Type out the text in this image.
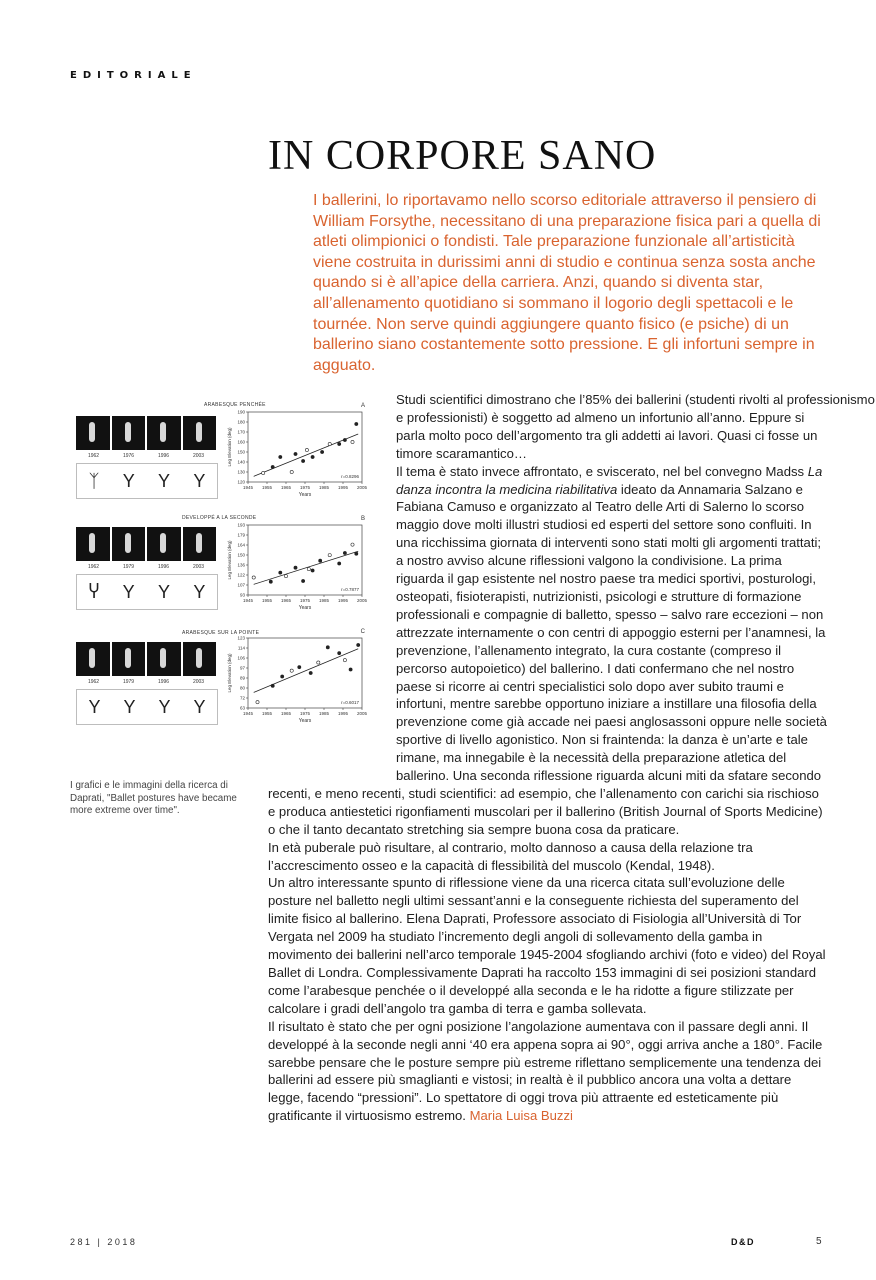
EDITORIALE
IN CORPORE SANO

I ballerini, lo riportavamo nello scorso editoriale attraverso il pensiero di William Forsythe, necessitano di una preparazione fisica pari a quella di atleti olimpionici o fondisti. Tale preparazione funzionale all’artisticità viene costruita in durissimi anni di studio e continua senza sosta anche quando si è all’apice della carriera. Anzi, quando si diventa star, all’allenamento quotidiano si sommano il logorio degli spettacoli e le tournée. Non serve quindi aggiungere quanto fisico (e psiche) di un ballerino siano costantemente sotto pressione. E gli infortuni sempre in agguato.

ARABESQUE PENCHÉE
1962	1976	1996	2003
ᛉ Y Y Y
A
120
130
140
150
160
170
180
190
1945 1955 1965 1975 1985 1995 2005
Years
Leg Elevation (deg)
r=0.8296
DEVELOPPÉ A LA SECONDE
1962	1979	1996	2003
Ⴤ Y Y Y
B
93
107
122
136
150
164
179
193
1945 1955 1965 1975 1985 1995 2005
Years
Leg Elevation (deg)
r=0.7877
ARABESQUE SUR LA POINTE
1962	1979	1996	2003
Y Y Y Y
C
63
72
80
89
97
106
114
123
1945 1955 1965 1975 1985 1995 2005
Years
Leg Elevation (deg)
r=0.6017

I grafici e le immagini della ricerca di Daprati, "Ballet postures have became more extreme over time".

Studi scientifici dimostrano che l’85% dei ballerini (studenti rivolti al professionismo e professionisti) è soggetto ad almeno un infortunio all’anno. Eppure si parla molto poco dell’argomento tra gli addetti ai lavori. Quasi ci fosse un timore scaramantico…
Il tema è stato invece affrontato, e sviscerato, nel bel convegno Madss La danza incontra la medicina riabilitativa ideato da Annamaria Salzano e Fabiana Camuso e organizzato al Teatro delle Arti di Salerno lo scorso maggio dove molti illustri studiosi ed esperti del settore sono confluiti. In una ricchissima giornata di interventi sono stati molti gli argomenti trattati; a nostro avviso alcune riflessioni valgono la condivisione. La prima riguarda il gap esistente nel nostro paese tra medici sportivi, posturologi, osteopati, fisioterapisti, nutrizionisti, psicologi e strutture di formazione professionali e compagnie di balletto, spesso – salvo rare eccezioni – non attrezzate internamente o con centri di appoggio esterni per l’anamnesi, la prevenzione, l’allenamento integrato, la cura costante (compreso il percorso autopoietico) del ballerino. I dati confermano che nel nostro paese si ricorre ai centri specialistici solo dopo aver subito traumi e infortuni, mentre sarebbe opportuno iniziare a instillare una filosofia della prevenzione come già accade nei paesi anglosassoni oppure nelle società sportive di livello agonistico. Non si fraintenda: la danza è un’arte e tale rimane, ma innegabile è la necessità della preparazione atletica del ballerino. Una seconda riflessione riguarda alcuni miti da sfatare secondo recenti, e meno recenti, studi scientifici: ad esempio, che l’allenamento con carichi sia rischioso e produca antiestetici rigonfiamenti muscolari per il ballerino (British Journal of Sports Medicine) o che il tanto decantato stretching sia sempre buona cosa da praticare.
In età puberale può risultare, al contrario, molto dannoso a causa della relazione tra l’accrescimento osseo e la capacità di flessibilità del muscolo (Kendal, 1948).
Un altro interessante spunto di riflessione viene da una ricerca citata sull’evoluzione delle posture nel balletto negli ultimi sessant’anni e la conseguente richiesta del superamento del limite fisico al ballerino. Elena Daprati, Professore associato di Fisiologia all’Università di Tor Vergata nel 2009 ha studiato l’incremento degli angoli di sollevamento della gamba in movimento dei ballerini nell’arco temporale 1945-2004 sfogliando archivi (foto e video) del Royal Ballet di Londra. Complessivamente Daprati ha raccolto 153 immagini di sei posizioni standard come l’arabesque penchée o il developpé alla seconda e le ha ridotte a figure stilizzate per calcolare i gradi dell’angolo tra gamba di terra e gamba sollevata.
Il risultato è stato che per ogni posizione l’angolazione aumentava con il passare degli anni. Il developpé à la seconde negli anni ‘40 era appena sopra ai 90°, oggi arriva anche a 180°. Facile sarebbe pensare che le posture sempre più estreme riflettano semplicemente una tendenza dei ballerini ad essere più smaglianti e vistosi; in realtà è il pubblico ancora una volta a dettare legge, facendo “pressioni”. Lo spettatore di oggi trova più attraente ed esteticamente più gratificante il virtuosismo estremo. Maria Luisa Buzzi
281 | 2018	D&D	5
